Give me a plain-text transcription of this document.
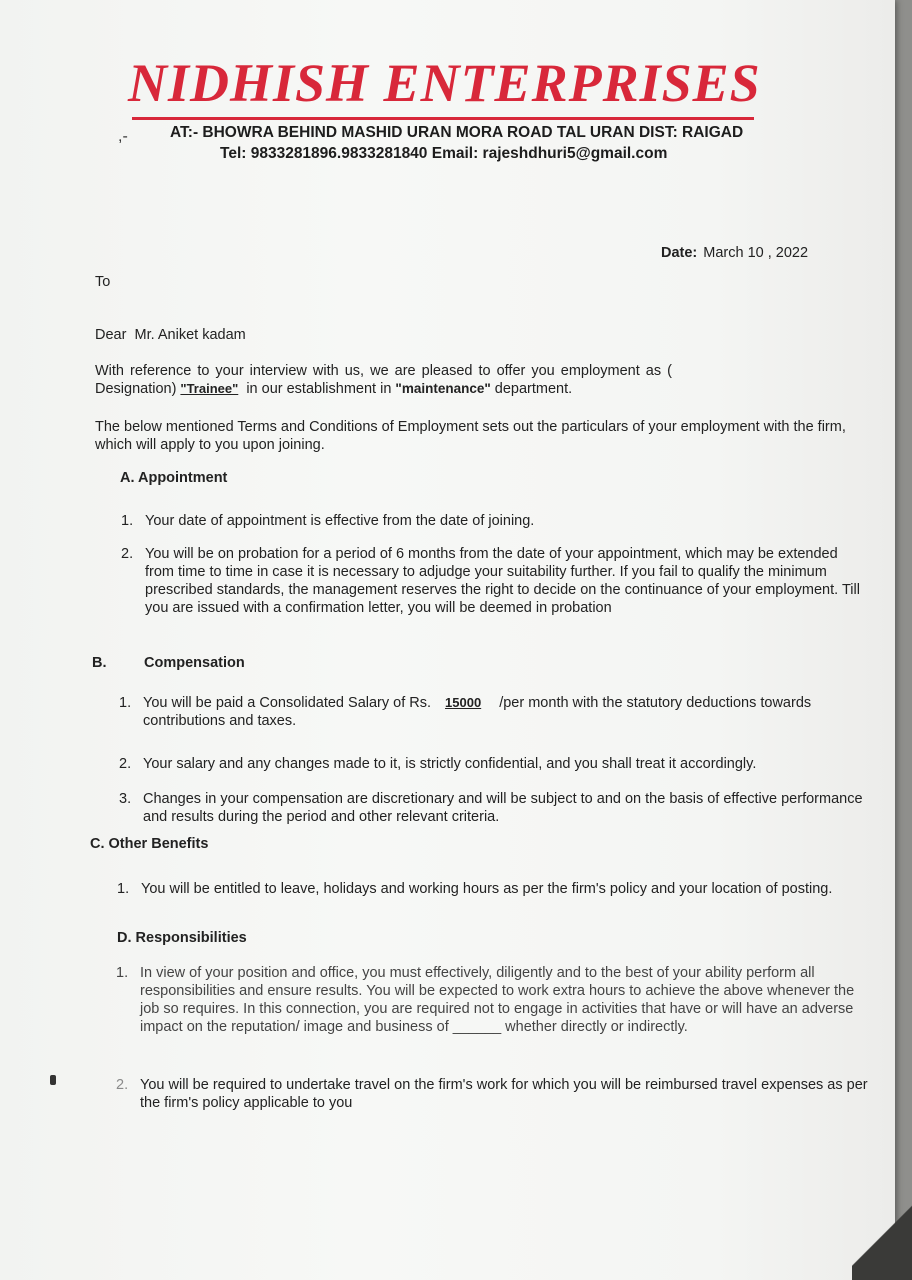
NIDHISH ENTERPRISES
,-	AT:- BHOWRA BEHIND MASHID URAN MORA ROAD TAL URAN DIST: RAIGAD
Tel: 9833281896.9833281840 Email: rajeshdhuri5@gmail.com
Date: March 10 , 2022
To
Dear Mr. Aniket kadam
With reference to your interview with us, we are pleased to offer you employment as (
Designation) "Trainee" in our establishment in "maintenance" department.
The below mentioned Terms and Conditions of Employment sets out the particulars of your employment with the firm, which will apply to you upon joining.
A. Appointment
1. Your date of appointment is effective from the date of joining.
2. You will be on probation for a period of 6 months from the date of your appointment, which may be extended from time to time in case it is necessary to adjudge your suitability further. If you fail to qualify the minimum prescribed standards, the management reserves the right to decide on the continuance of your employment. Till you are issued with a confirmation letter, you will be deemed in probation
B.	Compensation
1. You will be paid a Consolidated Salary of Rs. 15000 /per month with the statutory deductions towards contributions and taxes.
2. Your salary and any changes made to it, is strictly confidential, and you shall treat it accordingly.
3. Changes in your compensation are discretionary and will be subject to and on the basis of effective performance and results during the period and other relevant criteria.
C. Other Benefits
1. You will be entitled to leave, holidays and working hours as per the firm's policy and your location of posting.
D. Responsibilities
1. In view of your position and office, you must effectively, diligently and to the best of your ability perform all responsibilities and ensure results. You will be expected to work extra hours to achieve the above whenever the job so requires. In this connection, you are required not to engage in activities that have or will have an adverse impact on the reputation/ image and business of ______ whether directly or indirectly.
2. You will be required to undertake travel on the firm's work for which you will be reimbursed travel expenses as per the firm's policy applicable to you
